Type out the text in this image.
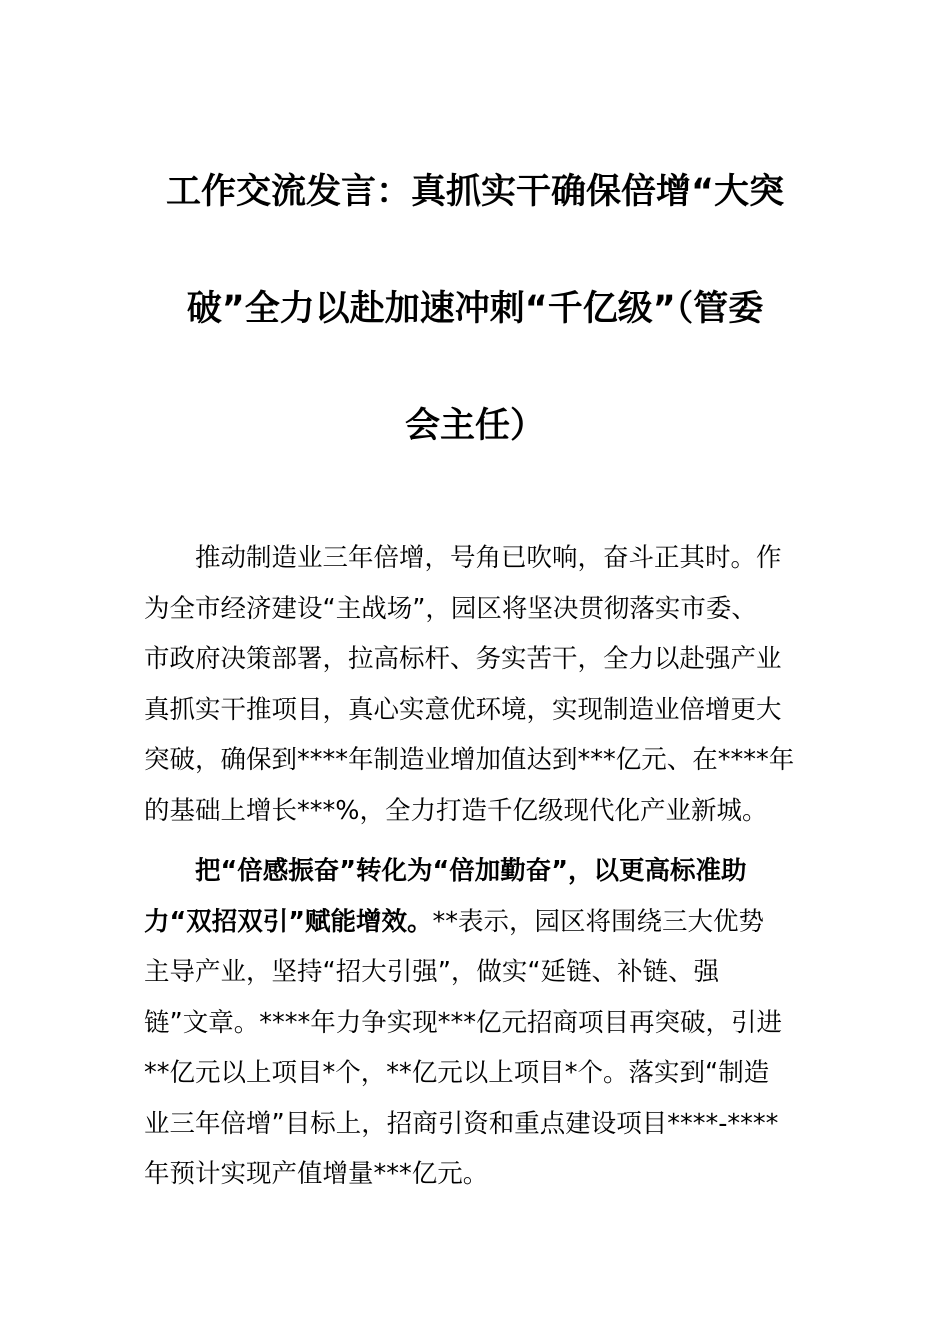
工作交流发言：真抓实干确保倍增“大突
破”全力以赴加速冲刺“千亿级”（管委
会主任）

推动制造业三年倍增，号角已吹响，奋斗正其时。作
为全市经济建设“主战场”，园区将坚决贯彻落实市委、
市政府决策部署，拉高标杆、务实苦干，全力以赴强产业
真抓实干推项目，真心实意优环境，实现制造业倍增更大
突破，确保到****年制造业增加值达到***亿元、在****年
的基础上增长***%，全力打造千亿级现代化产业新城。

把“倍感振奋”转化为“倍加勤奋”，以更高标准助
力“双招双引”赋能增效。**表示，园区将围绕三大优势
主导产业，坚持“招大引强”，做实“延链、补链、强
链”文章。****年力争实现***亿元招商项目再突破，引进
**亿元以上项目*个，**亿元以上项目*个。落实到“制造
业三年倍增”目标上，招商引资和重点建设项目****-****
年预计实现产值增量***亿元。
